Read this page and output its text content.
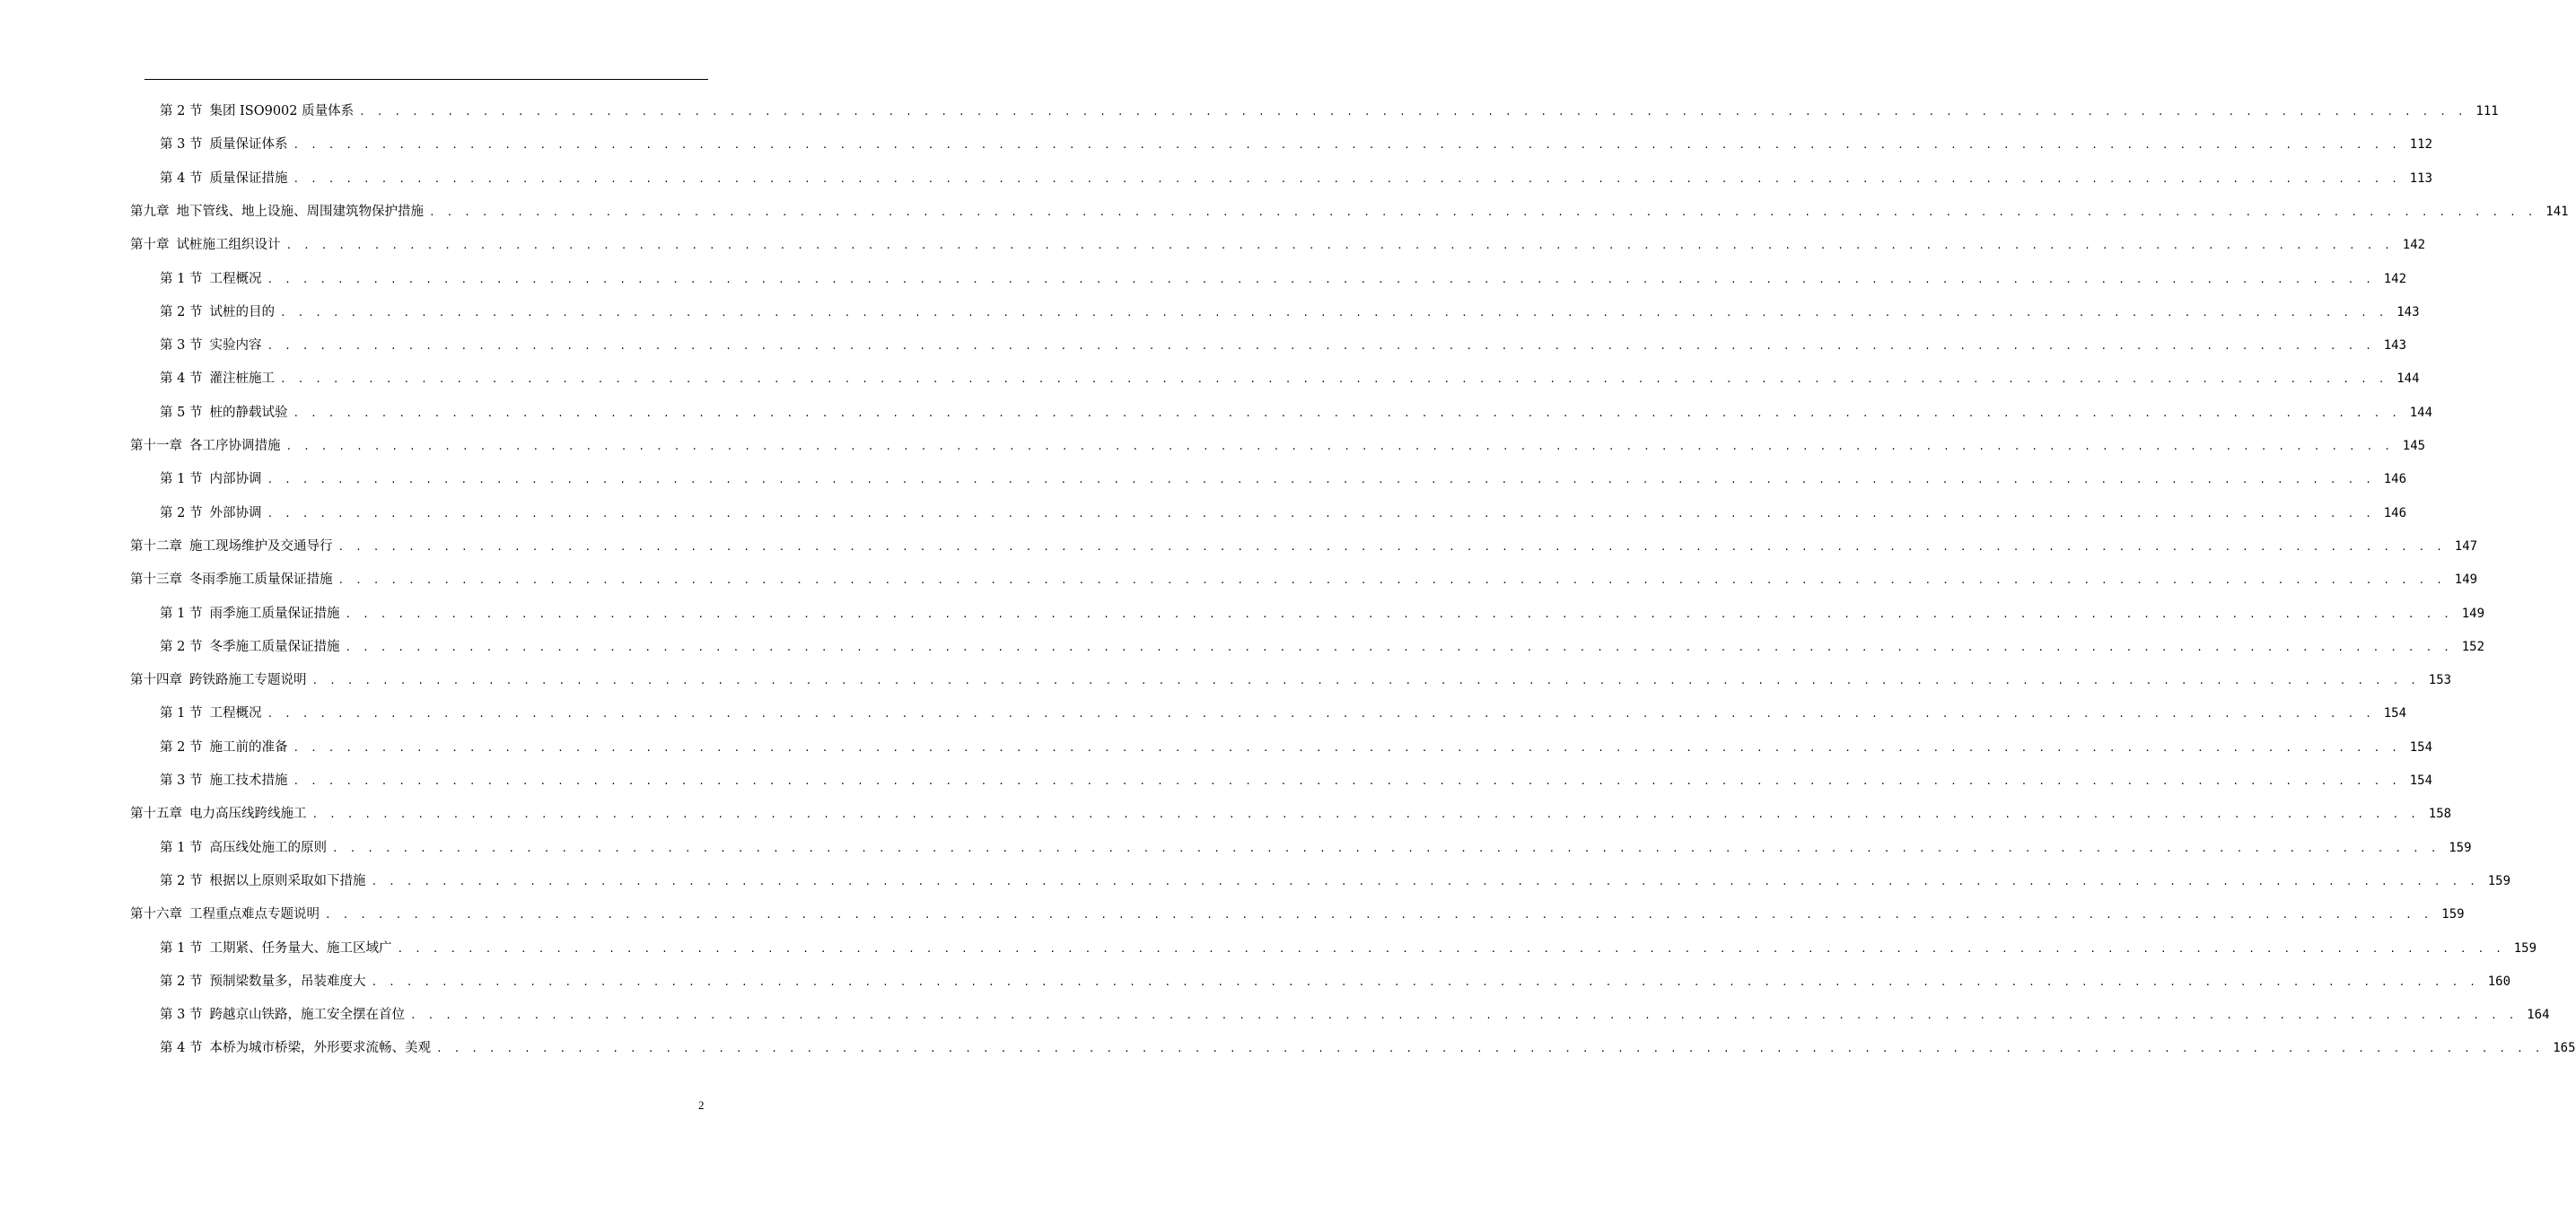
第 2 节 集团 ISO9002 质量体系 . . . . . . . . . . . . . . . . . . . . . . . . . . . . . . . . . . . . . . . . . . . . . . . . . . . . . . . . . . . . . . . . . . . . . . . . . . . . . . . . . . . . . . . . . . . . . . . . . . . . . . . . . . . . . . . . . . . . . . . . 111
第 3 节 质量保证体系 . . . . . . . . . . . . . . . . . . . . . . . . . . . . . . . . . . . . . . . . . . . . . . . . . . . . . . . . . . . . . . . . . . . . . . . . . . . . . . . . . . . . . . . . . . . . . . . . . . . . . . . . . . . . . . . . . . . . . . . . 112
第 4 节 质量保证措施 . . . . . . . . . . . . . . . . . . . . . . . . . . . . . . . . . . . . . . . . . . . . . . . . . . . . . . . . . . . . . . . . . . . . . . . . . . . . . . . . . . . . . . . . . . . . . . . . . . . . . . . . . . . . . . . . . . . . . . . . 113
第九章 地下管线、地上设施、周围建筑物保护措施 . . . . . . . . . . . . . . . . . . . . . . . . . . . . . . . . . . . . . . . . . . . . . . . . . . . . . . . . . . . . . . . . . . . . . . . . . . . . . . . . . . . . . . . . . . . . . . . . . . . . . . . . . . . . . . . . . . . . . . . . 141
第十章 试桩施工组织设计 . . . . . . . . . . . . . . . . . . . . . . . . . . . . . . . . . . . . . . . . . . . . . . . . . . . . . . . . . . . . . . . . . . . . . . . . . . . . . . . . . . . . . . . . . . . . . . . . . . . . . . . . . . . . . . . . . . . . . . . . 142
第 1 节 工程概况 . . . . . . . . . . . . . . . . . . . . . . . . . . . . . . . . . . . . . . . . . . . . . . . . . . . . . . . . . . . . . . . . . . . . . . . . . . . . . . . . . . . . . . . . . . . . . . . . . . . . . . . . . . . . . . . . . . . . . . . . 142
第 2 节 试桩的目的 . . . . . . . . . . . . . . . . . . . . . . . . . . . . . . . . . . . . . . . . . . . . . . . . . . . . . . . . . . . . . . . . . . . . . . . . . . . . . . . . . . . . . . . . . . . . . . . . . . . . . . . . . . . . . . . . . . . . . . . . 143
第 3 节 实验内容 . . . . . . . . . . . . . . . . . . . . . . . . . . . . . . . . . . . . . . . . . . . . . . . . . . . . . . . . . . . . . . . . . . . . . . . . . . . . . . . . . . . . . . . . . . . . . . . . . . . . . . . . . . . . . . . . . . . . . . . . 143
第 4 节 灌注桩施工 . . . . . . . . . . . . . . . . . . . . . . . . . . . . . . . . . . . . . . . . . . . . . . . . . . . . . . . . . . . . . . . . . . . . . . . . . . . . . . . . . . . . . . . . . . . . . . . . . . . . . . . . . . . . . . . . . . . . . . . . 144
第 5 节 桩的静载试验 . . . . . . . . . . . . . . . . . . . . . . . . . . . . . . . . . . . . . . . . . . . . . . . . . . . . . . . . . . . . . . . . . . . . . . . . . . . . . . . . . . . . . . . . . . . . . . . . . . . . . . . . . . . . . . . . . . . . . . . . 144
第十一章 各工序协调措施 . . . . . . . . . . . . . . . . . . . . . . . . . . . . . . . . . . . . . . . . . . . . . . . . . . . . . . . . . . . . . . . . . . . . . . . . . . . . . . . . . . . . . . . . . . . . . . . . . . . . . . . . . . . . . . . . . . . . . . . . 145
第 1 节 内部协调 . . . . . . . . . . . . . . . . . . . . . . . . . . . . . . . . . . . . . . . . . . . . . . . . . . . . . . . . . . . . . . . . . . . . . . . . . . . . . . . . . . . . . . . . . . . . . . . . . . . . . . . . . . . . . . . . . . . . . . . . 146
第 2 节 外部协调 . . . . . . . . . . . . . . . . . . . . . . . . . . . . . . . . . . . . . . . . . . . . . . . . . . . . . . . . . . . . . . . . . . . . . . . . . . . . . . . . . . . . . . . . . . . . . . . . . . . . . . . . . . . . . . . . . . . . . . . . 146
第十二章 施工现场维护及交通导行 . . . . . . . . . . . . . . . . . . . . . . . . . . . . . . . . . . . . . . . . . . . . . . . . . . . . . . . . . . . . . . . . . . . . . . . . . . . . . . . . . . . . . . . . . . . . . . . . . . . . . . . . . . . . . . . . . . . . . . . . 147
第十三章 冬雨季施工质量保证措施 . . . . . . . . . . . . . . . . . . . . . . . . . . . . . . . . . . . . . . . . . . . . . . . . . . . . . . . . . . . . . . . . . . . . . . . . . . . . . . . . . . . . . . . . . . . . . . . . . . . . . . . . . . . . . . . . . . . . . . . . 149
第 1 节 雨季施工质量保证措施 . . . . . . . . . . . . . . . . . . . . . . . . . . . . . . . . . . . . . . . . . . . . . . . . . . . . . . . . . . . . . . . . . . . . . . . . . . . . . . . . . . . . . . . . . . . . . . . . . . . . . . . . . . . . . . . . . . . . . . . . 149
第 2 节 冬季施工质量保证措施 . . . . . . . . . . . . . . . . . . . . . . . . . . . . . . . . . . . . . . . . . . . . . . . . . . . . . . . . . . . . . . . . . . . . . . . . . . . . . . . . . . . . . . . . . . . . . . . . . . . . . . . . . . . . . . . . . . . . . . . . 152
第十四章 跨铁路施工专题说明 . . . . . . . . . . . . . . . . . . . . . . . . . . . . . . . . . . . . . . . . . . . . . . . . . . . . . . . . . . . . . . . . . . . . . . . . . . . . . . . . . . . . . . . . . . . . . . . . . . . . . . . . . . . . . . . . . . . . . . . . 153
第 1 节 工程概况 . . . . . . . . . . . . . . . . . . . . . . . . . . . . . . . . . . . . . . . . . . . . . . . . . . . . . . . . . . . . . . . . . . . . . . . . . . . . . . . . . . . . . . . . . . . . . . . . . . . . . . . . . . . . . . . . . . . . . . . . 154
第 2 节 施工前的准备 . . . . . . . . . . . . . . . . . . . . . . . . . . . . . . . . . . . . . . . . . . . . . . . . . . . . . . . . . . . . . . . . . . . . . . . . . . . . . . . . . . . . . . . . . . . . . . . . . . . . . . . . . . . . . . . . . . . . . . . . 154
第 3 节 施工技术措施 . . . . . . . . . . . . . . . . . . . . . . . . . . . . . . . . . . . . . . . . . . . . . . . . . . . . . . . . . . . . . . . . . . . . . . . . . . . . . . . . . . . . . . . . . . . . . . . . . . . . . . . . . . . . . . . . . . . . . . . . 154
第十五章 电力高压线跨线施工 . . . . . . . . . . . . . . . . . . . . . . . . . . . . . . . . . . . . . . . . . . . . . . . . . . . . . . . . . . . . . . . . . . . . . . . . . . . . . . . . . . . . . . . . . . . . . . . . . . . . . . . . . . . . . . . . . . . . . . . . 158
第 1 节 高压线处施工的原则 . . . . . . . . . . . . . . . . . . . . . . . . . . . . . . . . . . . . . . . . . . . . . . . . . . . . . . . . . . . . . . . . . . . . . . . . . . . . . . . . . . . . . . . . . . . . . . . . . . . . . . . . . . . . . . . . . . . . . . . . 159
第 2 节 根据以上原则采取如下措施 . . . . . . . . . . . . . . . . . . . . . . . . . . . . . . . . . . . . . . . . . . . . . . . . . . . . . . . . . . . . . . . . . . . . . . . . . . . . . . . . . . . . . . . . . . . . . . . . . . . . . . . . . . . . . . . . . . . . . . . . 159
第十六章 工程重点难点专题说明 . . . . . . . . . . . . . . . . . . . . . . . . . . . . . . . . . . . . . . . . . . . . . . . . . . . . . . . . . . . . . . . . . . . . . . . . . . . . . . . . . . . . . . . . . . . . . . . . . . . . . . . . . . . . . . . . . . . . . . . . 159
第 1 节 工期紧、任务量大、施工区域广 . . . . . . . . . . . . . . . . . . . . . . . . . . . . . . . . . . . . . . . . . . . . . . . . . . . . . . . . . . . . . . . . . . . . . . . . . . . . . . . . . . . . . . . . . . . . . . . . . . . . . . . . . . . . . . . . . . . . . . . . 159
第 2 节 预制梁数量多，吊装难度大 . . . . . . . . . . . . . . . . . . . . . . . . . . . . . . . . . . . . . . . . . . . . . . . . . . . . . . . . . . . . . . . . . . . . . . . . . . . . . . . . . . . . . . . . . . . . . . . . . . . . . . . . . . . . . . . . . . . . . . . . 160
第 3 节 跨越京山铁路，施工安全摆在首位 . . . . . . . . . . . . . . . . . . . . . . . . . . . . . . . . . . . . . . . . . . . . . . . . . . . . . . . . . . . . . . . . . . . . . . . . . . . . . . . . . . . . . . . . . . . . . . . . . . . . . . . . . . . . . . . . . . . . . . . . 164
第 4 节 本桥为城市桥梁，外形要求流畅、美观 . . . . . . . . . . . . . . . . . . . . . . . . . . . . . . . . . . . . . . . . . . . . . . . . . . . . . . . . . . . . . . . . . . . . . . . . . . . . . . . . . . . . . . . . . . . . . . . . . . . . . . . . . . . . . . . . . . . . . . . . 165
2
